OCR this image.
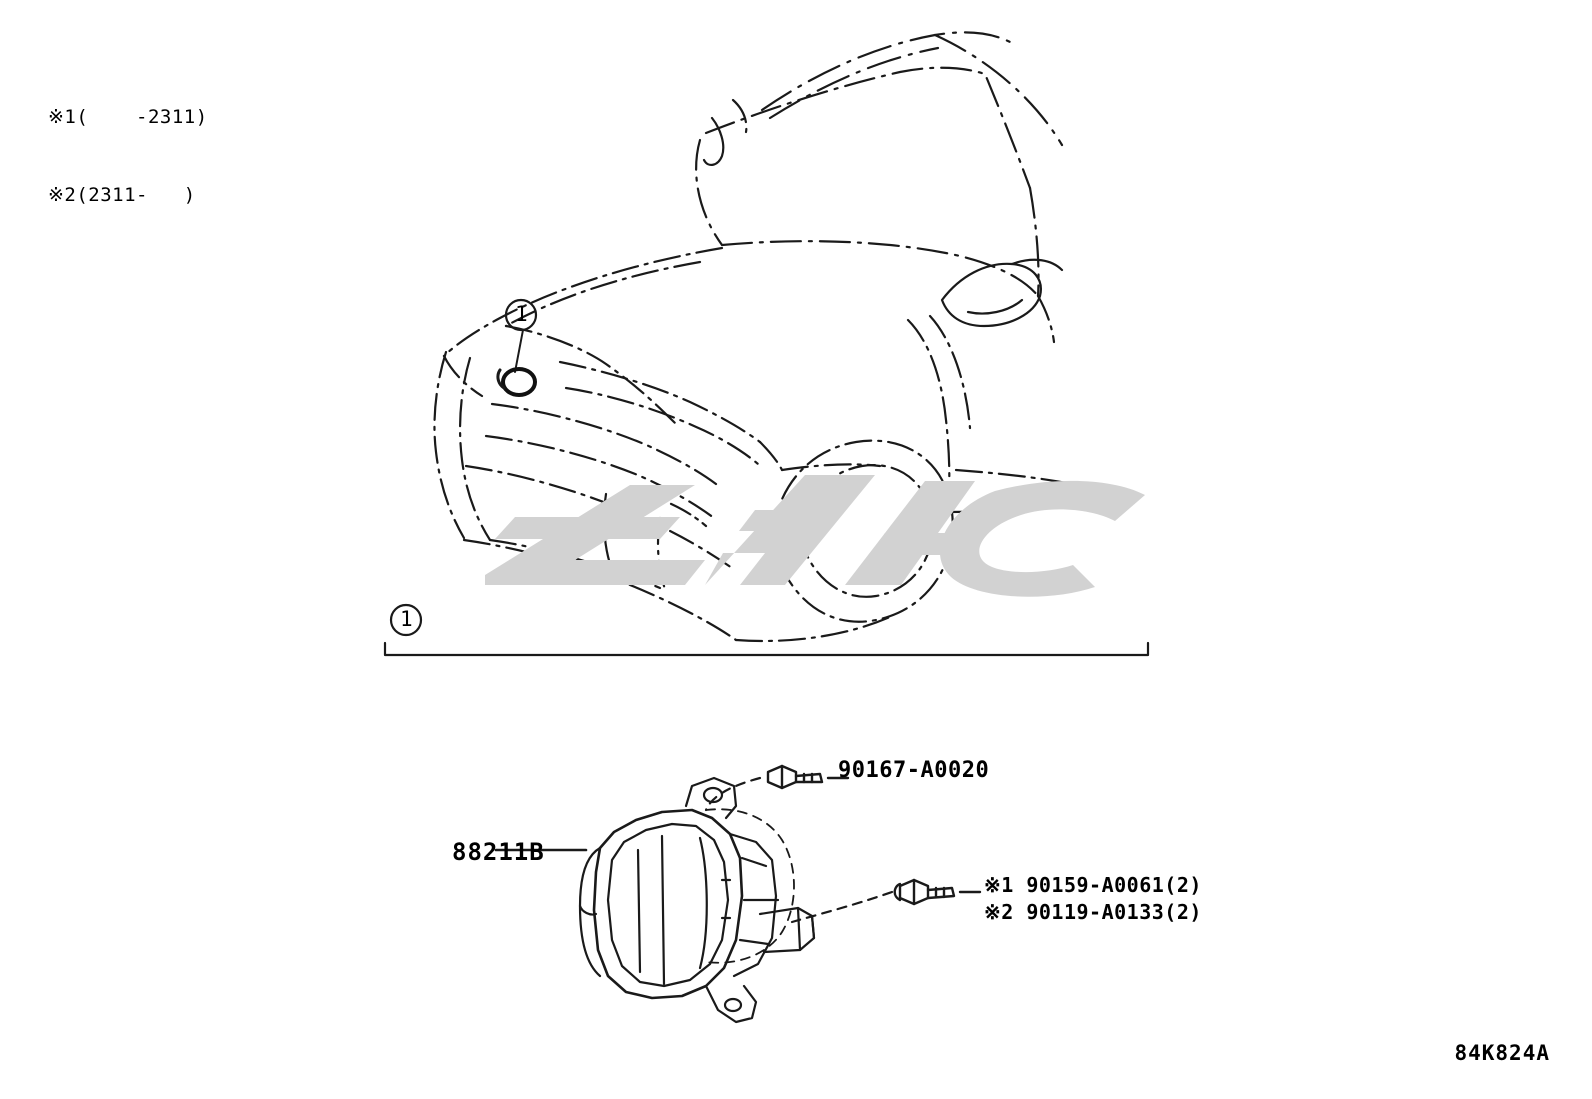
※1(    -2311)

※2(2311-   )

1
1
88211B
90167-A0020
※1 90159-A0061(2)
※2 90119-A0133(2)
84K824A
